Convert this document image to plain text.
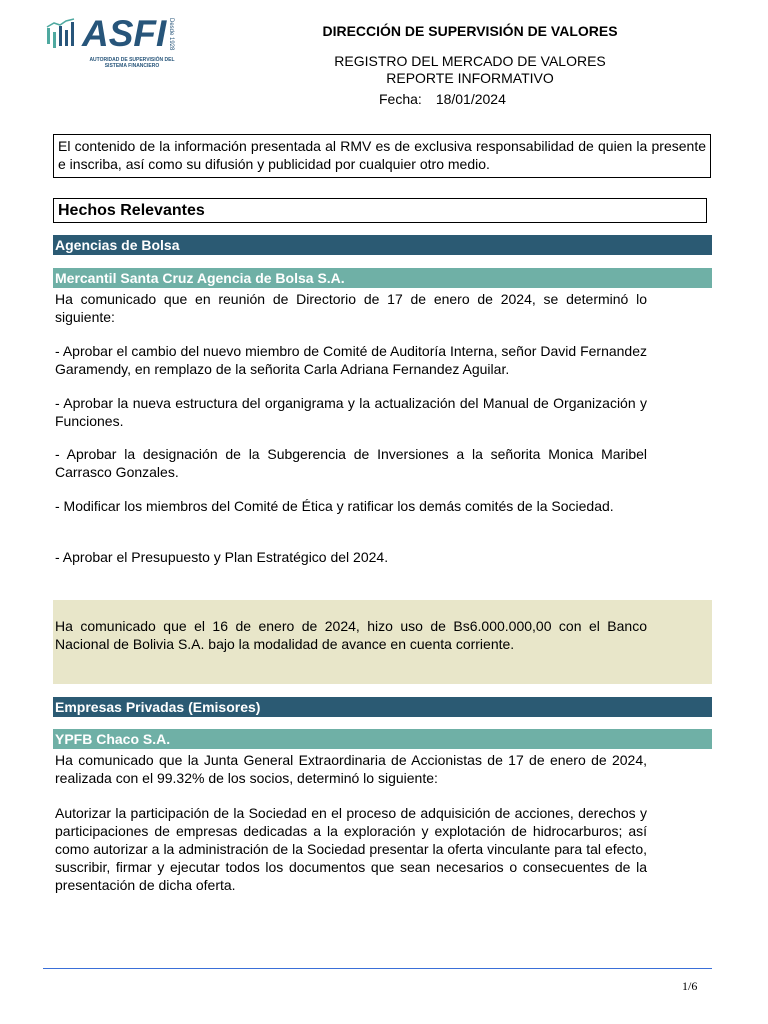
ASFI
AUTORIDAD DE SUPERVISIÓN DEL SISTEMA FINANCIERO
Desde 1928	DIRECCIÓN DE SUPERVISIÓN DE VALORES
REGISTRO DEL MERCADO DE VALORES
REPORTE INFORMATIVO
Fecha: 18/01/2024
El contenido de la información presentada al RMV es de exclusiva responsabilidad de quien la presente e inscriba, así como su difusión y publicidad por cualquier otro medio.
Hechos Relevantes
Agencias de Bolsa
Mercantil Santa Cruz Agencia de Bolsa S.A.
Ha comunicado que en reunión de Directorio de 17 de enero de 2024, se determinó lo siguiente:
- Aprobar el cambio del nuevo miembro de Comité de Auditoría Interna, señor David Fernandez Garamendy, en remplazo de la señorita Carla Adriana Fernandez Aguilar.
- Aprobar la nueva estructura del organigrama y la actualización del Manual de Organización y Funciones.
- Aprobar la designación de la Subgerencia de Inversiones a la señorita Monica Maribel Carrasco Gonzales.
- Modificar los miembros del Comité de Ética y ratificar los demás comités de la Sociedad.
- Aprobar el Presupuesto y Plan Estratégico del 2024.
Ha comunicado que el 16 de enero de 2024, hizo uso de Bs6.000.000,00 con el Banco Nacional de Bolivia S.A. bajo la modalidad de avance en cuenta corriente.
Empresas Privadas (Emisores)
YPFB Chaco S.A.
Ha comunicado que la Junta General Extraordinaria de Accionistas de 17 de enero de 2024, realizada con el 99.32% de los socios, determinó lo siguiente:
Autorizar la participación de la Sociedad en el proceso de adquisición de acciones, derechos y participaciones de empresas dedicadas a la exploración y explotación de hidrocarburos; así como autorizar a la administración de la Sociedad presentar la oferta vinculante para tal efecto, suscribir, firmar y ejecutar todos los documentos que sean necesarios o consecuentes de la presentación de dicha oferta.
1/6
